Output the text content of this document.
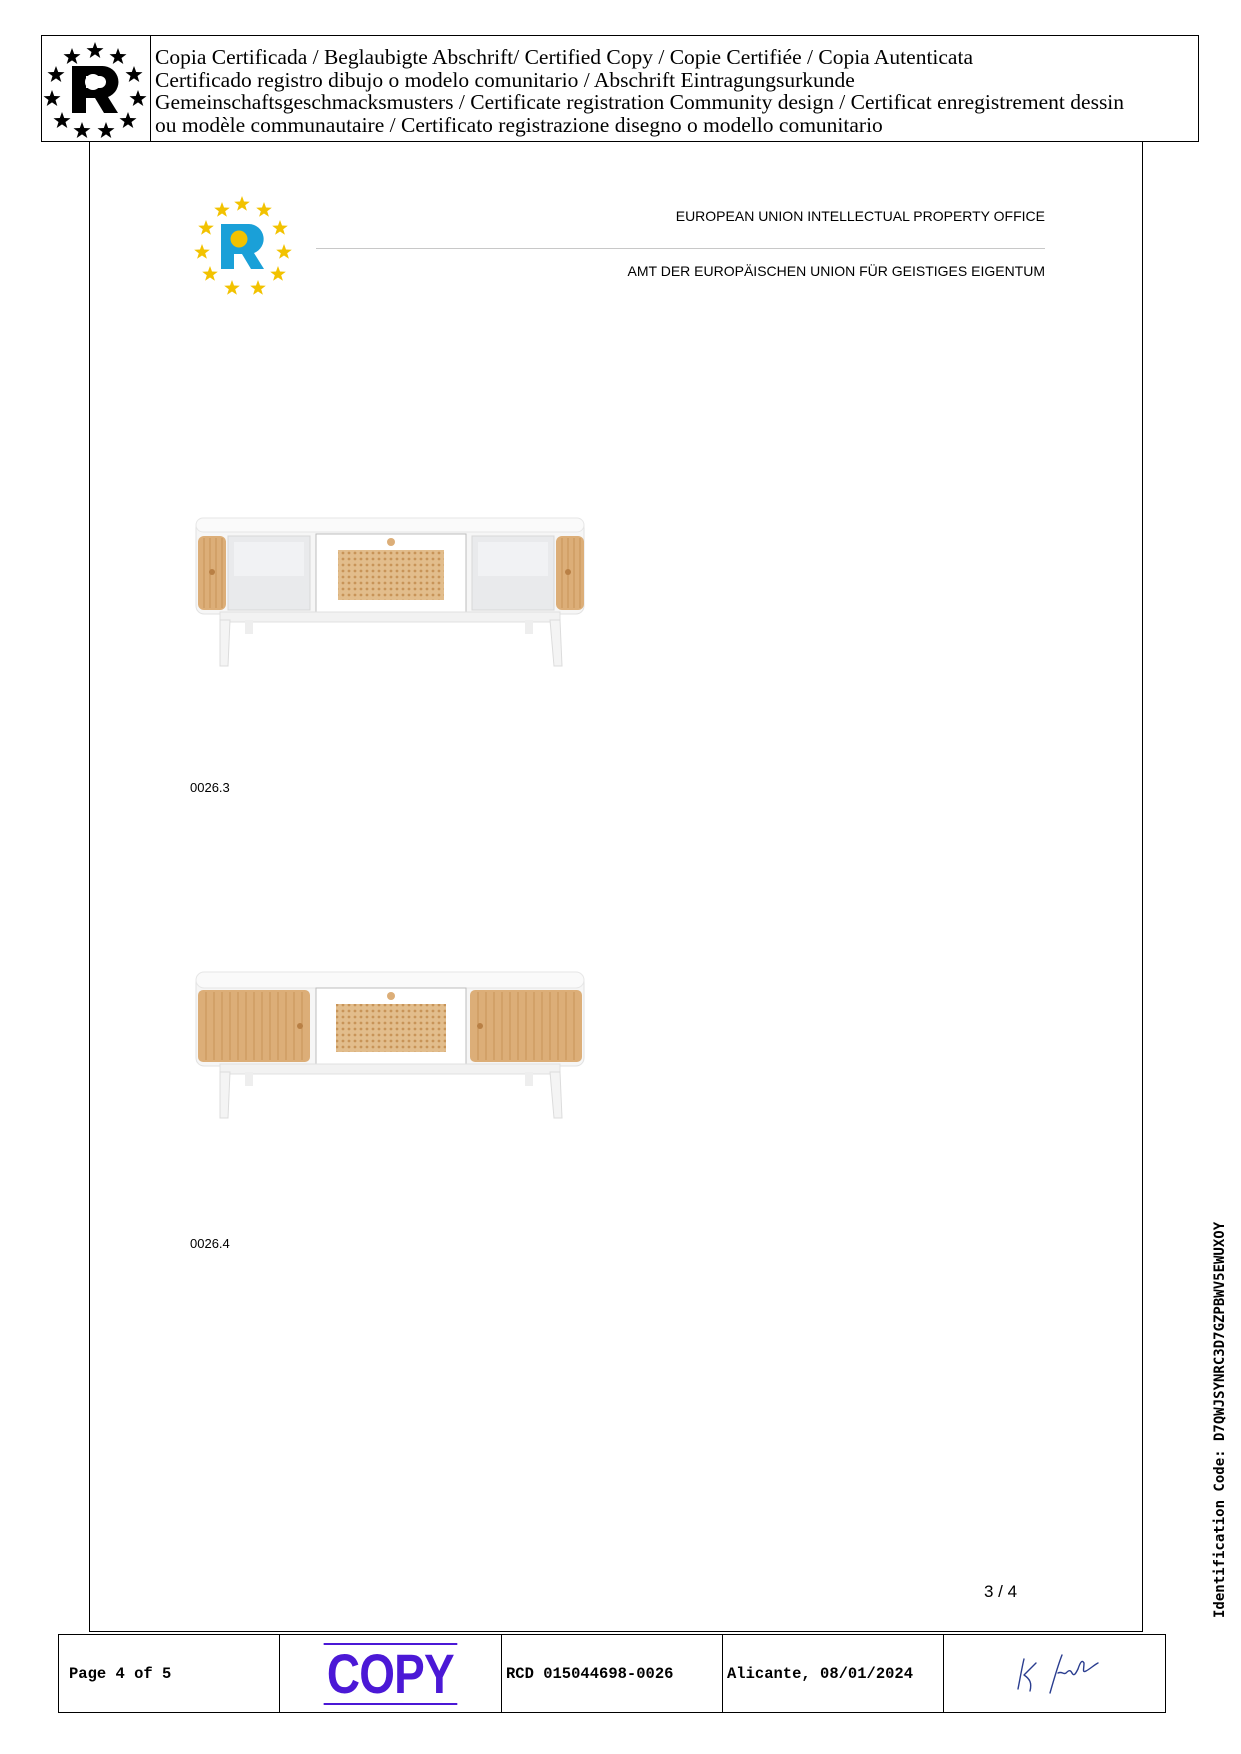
Copia Certificada / Beglaubigte Abschrift/ Certified Copy / Copie Certifiée / Copia Autenticata
Certificado registro dibujo o modelo comunitario / Abschrift Eintragungsurkunde
Gemeinschaftsgeschmacksmusters / Certificate registration Community design / Certificat enregistrement dessin
ou modèle communautaire / Certificato registrazione disegno o modello comunitario
EUROPEAN UNION INTELLECTUAL PROPERTY OFFICE
AMT DER EUROPÄISCHEN UNION FÜR GEISTIGES EIGENTUM
0026.3
0026.4
3 / 4	Identification Code: D7QWJSYNRC3D7GZPBWV5EWUXOY
Page 4 of 5	COPY	RCD 015044698-0026	Alicante, 08/01/2024
